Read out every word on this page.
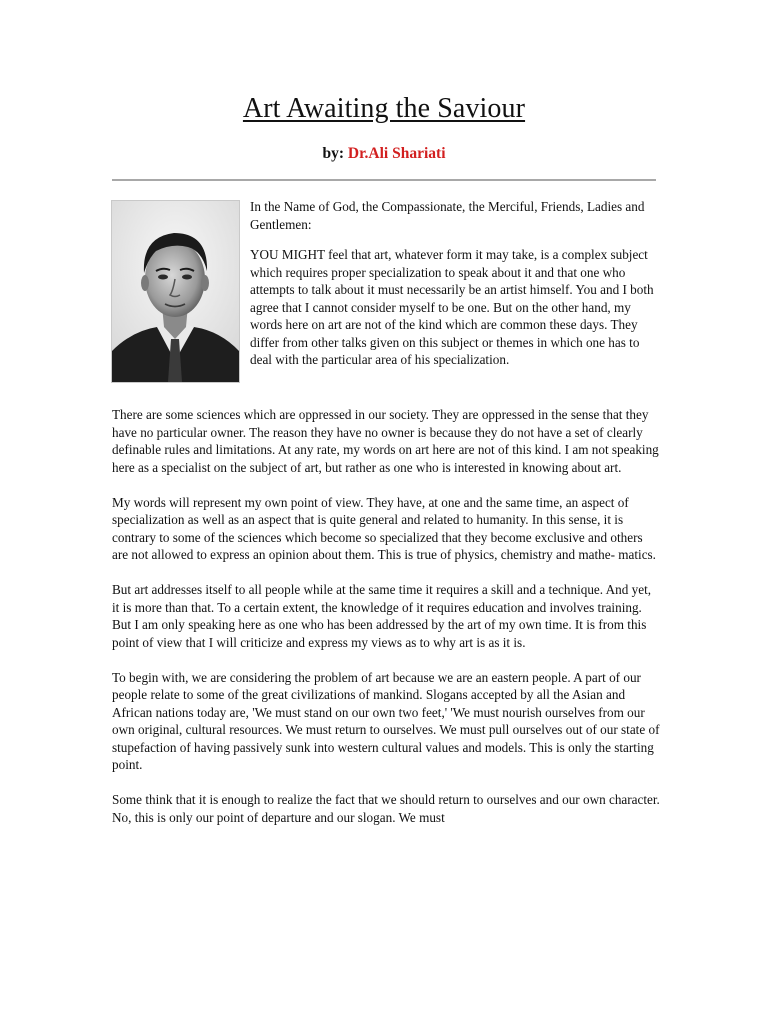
Art Awaiting the Saviour
by: Dr.Ali Shariati

In the Name of God, the Compassionate, the Merciful, Friends, Ladies and Gentlemen:

YOU MIGHT feel that art, whatever form it may take, is a complex subject which requires proper specialization to speak about it and that one who attempts to talk about it must necessarily be an artist himself. You and I both agree that I cannot consider myself to be one. But on the other hand, my words here on art are not of the kind which are common these days. They differ from other talks given on this subject or themes in which one has to deal with the particular area of his specialization.

There are some sciences which are oppressed in our society. They are oppressed in the sense that they have no particular owner. The reason they have no owner is because they do not have a set of clearly definable rules and limitations. At any rate, my words on art here are not of this kind. I am not speaking here as a specialist on the subject of art, but rather as one who is interested in knowing about art.

My words will represent my own point of view. They have, at one and the same time, an aspect of specialization as well as an aspect that is quite general and related to humanity. In this sense, it is contrary to some of the sciences which become so specialized that they become exclusive and others are not allowed to express an opinion about them. This is true of physics, chemistry and mathe- matics.

But art addresses itself to all people while at the same time it requires a skill and a technique. And yet, it is more than that. To a certain extent, the knowledge of it requires education and involves training. But I am only speaking here as one who has been addressed by the art of my own time. It is from this point of view that I will criticize and express my views as to why art is as it is.

To begin with, we are considering the problem of art because we are an eastern people. A part of our people relate to some of the great civilizations of mankind. Slogans accepted by all the Asian and African nations today are, 'We must stand on our own two feet,' 'We must nourish ourselves from our own original, cultural resources. We must return to ourselves. We must pull ourselves out of our state of stupefaction of having passively sunk into western cultural values and models. This is only the starting point.

Some think that it is enough to realize the fact that we should return to ourselves and our own character. No, this is only our point of departure and our slogan. We must
